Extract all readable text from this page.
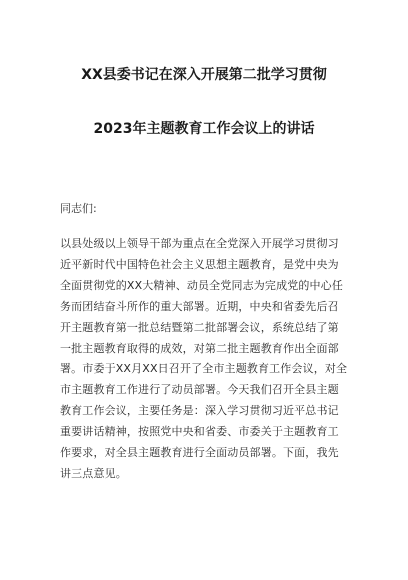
XX县委书记在深入开展第二批学习贯彻
2023年主题教育工作会议上的讲话
同志们:
以县处级以上领导干部为重点在全党深入开展学习贯彻习
近平新时代中国特色社会主义思想主题教育，是党中央为
全面贯彻党的XX大精神、动员全党同志为完成党的中心任
务而团结奋斗所作的重大部署。近期，中央和省委先后召
开主题教育第一批总结暨第二批部署会议，系统总结了第
一批主题教育取得的成效，对第二批主题教育作出全面部
署。市委于XX月XX日召开了全市主题教育工作会议，对全
市主题教育工作进行了动员部署。今天我们召开全县主题
教育工作会议，主要任务是：深入学习贯彻习近平总书记
重要讲话精神，按照党中央和省委、市委关于主题教育工
作要求，对全县主题教育进行全面动员部署。下面，我先
讲三点意见。
